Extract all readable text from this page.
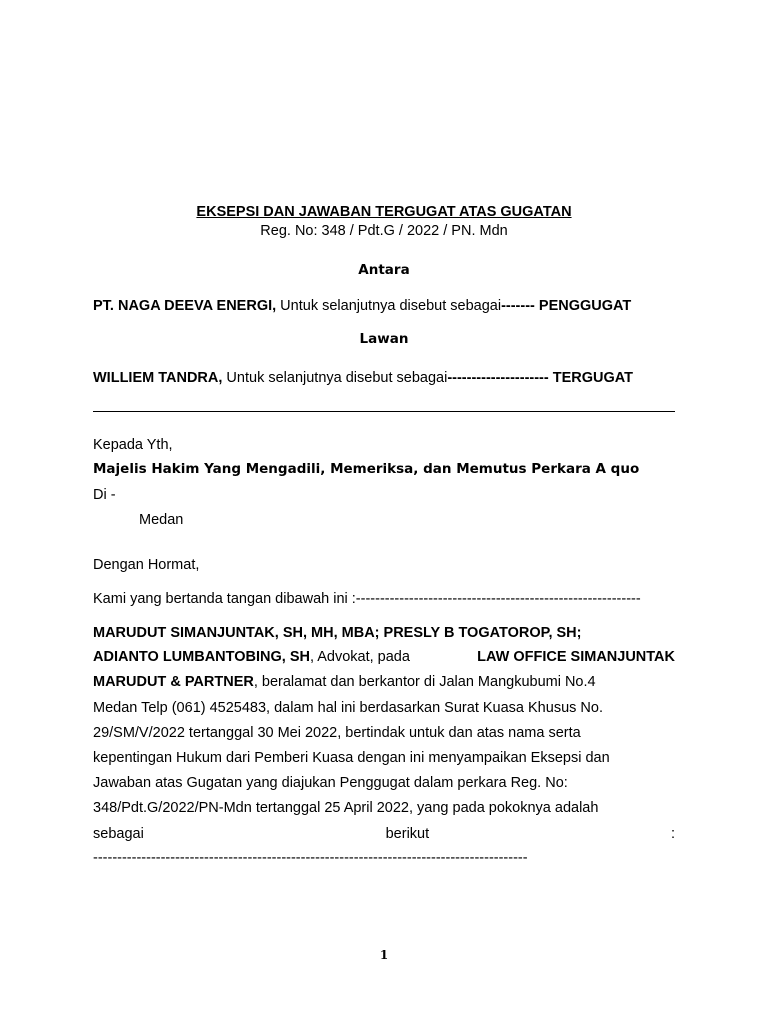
EKSEPSI DAN JAWABAN TERGUGAT ATAS GUGATAN
Reg. No: 348 / Pdt.G / 2022 / PN. Mdn
Antara
PT. NAGA DEEVA ENERGI, Untuk selanjutnya disebut sebagai------- PENGGUGAT
Lawan
WILLIEM TANDRA, Untuk selanjutnya disebut sebagai--------------------- TERGUGAT
Kepada Yth,
Majelis Hakim Yang Mengadili, Memeriksa, dan Memutus Perkara A quo
Di -
Medan
Dengan Hormat,
Kami yang bertanda tangan dibawah ini :-----------------------------------------------------------
MARUDUT SIMANJUNTAK, SH, MH, MBA; PRESLY B TOGATOROP, SH;
ADIANTO LUMBANTOBING, SH, Advokat, pada	LAW OFFICE SIMANJUNTAK
MARUDUT & PARTNER, beralamat dan berkantor di Jalan Mangkubumi No.4
Medan Telp (061) 4525483, dalam hal ini berdasarkan Surat Kuasa Khusus No.
29/SM/V/2022 tertanggal 30 Mei 2022, bertindak untuk dan atas nama serta
kepentingan Hukum dari Pemberi Kuasa dengan ini menyampaikan Eksepsi dan
Jawaban atas Gugatan yang diajukan Penggugat dalam perkara Reg. No:
348/Pdt.G/2022/PN-Mdn tertanggal 25 April 2022, yang pada pokoknya adalah
sebagai	berikut	:
------------------------------------------------------------------------------------------
1
